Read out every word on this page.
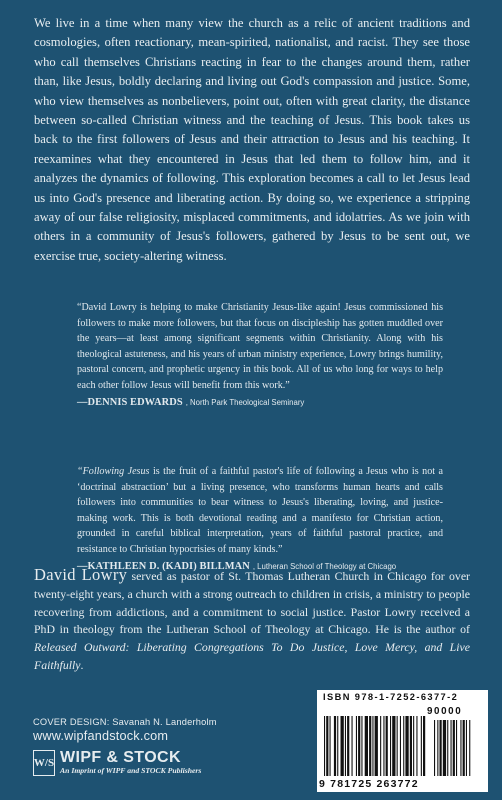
We live in a time when many view the church as a relic of ancient traditions and cosmologies, often reactionary, mean-spirited, nationalist, and racist. They see those who call themselves Christians reacting in fear to the changes around them, rather than, like Jesus, boldly declaring and living out God's compassion and justice. Some, who view themselves as nonbelievers, point out, often with great clarity, the distance between so-called Christian witness and the teaching of Jesus. This book takes us back to the first followers of Jesus and their attraction to Jesus and his teaching. It reexamines what they encountered in Jesus that led them to follow him, and it analyzes the dynamics of following. This exploration becomes a call to let Jesus lead us into God's presence and liberating action. By doing so, we experience a stripping away of our false religiosity, misplaced commitments, and idolatries. As we join with others in a community of Jesus's followers, gathered by Jesus to be sent out, we exercise true, society-altering witness.

“David Lowry is helping to make Christianity Jesus-like again! Jesus commissioned his followers to make more followers, but that focus on discipleship has gotten muddled over the years—at least among significant segments within Christianity. Along with his theological astuteness, and his years of urban ministry experience, Lowry brings humility, pastoral concern, and prophetic urgency in this book. All of us who long for ways to help each other follow Jesus will benefit from this work.”
—DENNIS EDWARDS , North Park Theological Seminary

“Following Jesus is the fruit of a faithful pastor's life of following a Jesus who is not a ‘doctrinal abstraction’ but a living presence, who transforms human hearts and calls followers into communities to bear witness to Jesus's liberating, loving, and justice-making work. This is both devotional reading and a manifesto for Christian action, grounded in careful biblical interpretation, years of faithful pastoral practice, and resistance to Christian hypocrisies of many kinds.”
—KATHLEEN D. (KADI) BILLMAN , Lutheran School of Theology at Chicago

David Lowry served as pastor of St. Thomas Lutheran Church in Chicago for over twenty-eight years, a church with a strong outreach to children in crisis, a ministry to people recovering from addictions, and a commitment to social justice. Pastor Lowry received a PhD in theology from the Lutheran School of Theology at Chicago. He is the author of Released Outward: Liberating Congregations To Do Justice, Love Mercy, and Live Faithfully.

COVER DESIGN: Savanah N. Landerholm
www.wipfandstock.com
W/S WIPF & STOCK
An Imprint of WIPF and STOCK Publishers
ISBN 978-1-7252-6377-2
90000
9 781725 263772
